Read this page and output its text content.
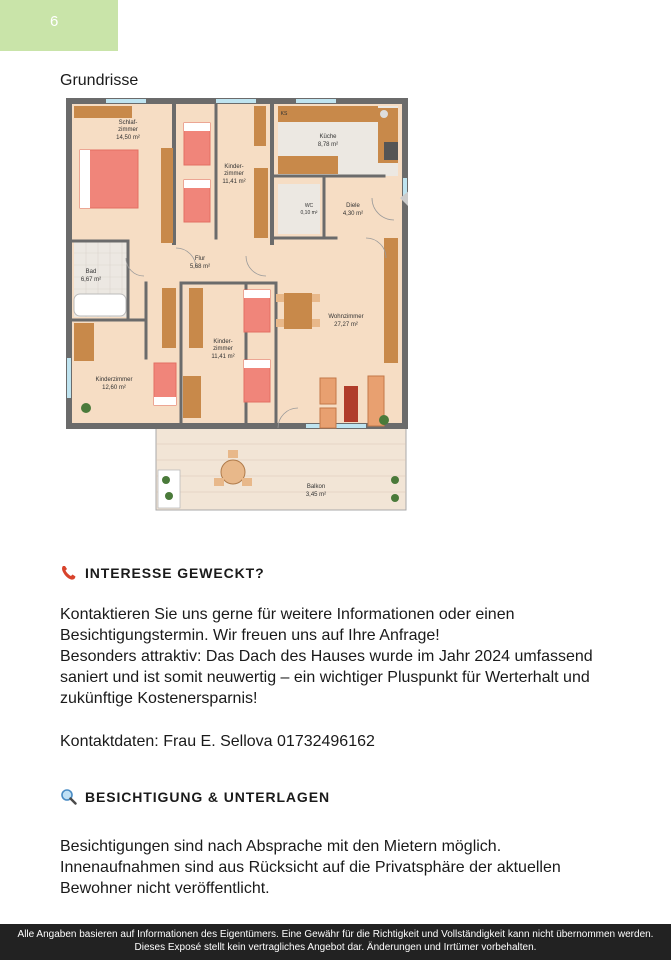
6
Grundrisse
Schlaf-
zimmer
14,50 m²
Kinder-
zimmer
11,41 m²
Küche
8,78 m²
KS
WC
0,10 m²
Diele
4,30 m²
Flur
5,68 m²
Bad
6,67 m²
Wohnzimmer
27,27 m²
Kinder-
zimmer
11,41 m²
Kinderzimmer
12,60 m²
Balkon
3,45 m²
INTERESSE GEWECKT?

Kontaktieren Sie uns gerne für weitere Informationen oder einen

Besichtigungstermin. Wir freuen uns auf Ihre Anfrage!

Besonders attraktiv: Das Dach des Hauses wurde im Jahr 2024 umfassend

saniert und ist somit neuwertig – ein wichtiger Pluspunkt für Werterhalt und

zukünftige Kostenersparnis!

Kontaktdaten: Frau E. Sellova 01732496162
BESICHTIGUNG & UNTERLAGEN

Besichtigungen sind nach Absprache mit den Mietern möglich.

Innenaufnahmen sind aus Rücksicht auf die Privatsphäre der aktuellen

Bewohner nicht veröffentlicht.

Alle Angaben basieren auf Informationen des Eigentümers. Eine Gewähr für die Richtigkeit und Vollständigkeit kann nicht übernommen werden.

Dieses Exposé stellt kein vertragliches Angebot dar. Änderungen und Irrtümer vorbehalten.
